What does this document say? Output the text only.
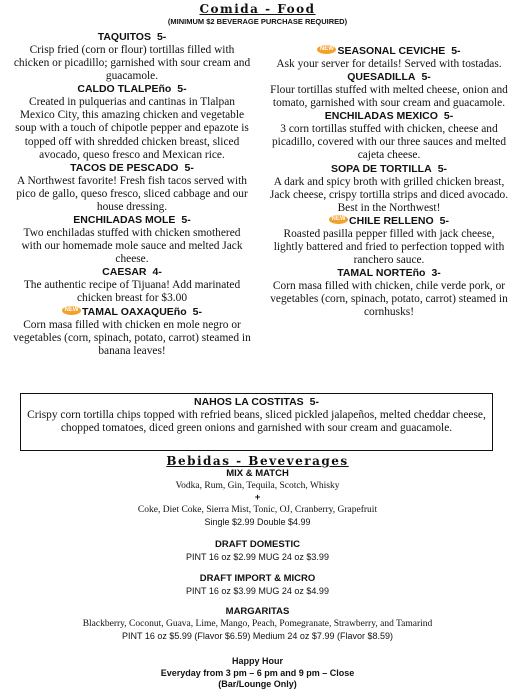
Comida - Food
(MINIMUM $2 BEVERAGE PURCHASE REQUIRED)
TAQUITOS 5-
Crisp fried (corn or flour) tortillas filled with chicken or picadillo; garnished with sour cream and guacamole.
CALDO TLALPEño 5-
Created in pulquerias and cantinas in Tlalpan Mexico City, this amazing chicken and vegetable soup with a touch of chipotle pepper and epazote is topped off with shredded chicken breast, sliced avocado, queso fresco and Mexican rice.
TACOS DE PESCADO 5-
A Northwest favorite! Fresh fish tacos served with pico de gallo, queso fresco, sliced cabbage and our house dressing.
ENCHILADAS MOLE 5-
Two enchiladas stuffed with chicken smothered with our homemade mole sauce and melted Jack cheese.
CAESAR 4-
The authentic recipe of Tijuana! Add marinated chicken breast for $3.00
NEW TAMAL OAXAQUEño 5-
Corn masa filled with chicken en mole negro or vegetables (corn, spinach, potato, carrot) steamed in banana leaves!
NEW SEASONAL CEVICHE 5-
Ask your server for details! Served with tostadas.
QUESADILLA 5-
Flour tortillas stuffed with melted cheese, onion and tomato, garnished with sour cream and guacamole.
ENCHILADAS MEXICO 5-
3 corn tortillas stuffed with chicken, cheese and picadillo, covered with our three sauces and melted cajeta cheese.
SOPA DE TORTILLA 5-
A dark and spicy broth with grilled chicken breast, Jack cheese, crispy tortilla strips and diced avocado. Best in the Northwest!
NEW CHILE RELLENO 5-
Roasted pasilla pepper filled with jack cheese, lightly battered and fried to perfection topped with ranchero sauce.
TAMAL NORTEño 3-
Corn masa filled with chicken, chile verde pork, or vegetables (corn, spinach, potato, carrot) steamed in cornhusks!
NAHOS LA COSTITAS 5-
Crispy corn tortilla chips topped with refried beans, sliced pickled jalapeños, melted cheddar cheese, chopped tomatoes, diced green onions and garnished with sour cream and guacamole.
Bebidas - Beveverages
MIX & MATCH
Vodka, Rum, Gin, Tequila, Scotch, Whisky
+
Coke, Diet Coke, Sierra Mist, Tonic, OJ, Cranberry, Grapefruit
Single $2.99 Double $4.99
DRAFT DOMESTIC
PINT 16 oz $2.99 MUG 24 oz $3.99
DRAFT IMPORT & MICRO
PINT 16 oz $3.99 MUG 24 oz $4.99
MARGARITAS
Blackberry, Coconut, Guava, Lime, Mango, Peach, Pomegranate, Strawberry, and Tamarind
PINT 16 oz $5.99 (Flavor $6.59) Medium 24 oz $7.99 (Flavor $8.59)
Happy Hour
Everyday from 3 pm – 6 pm and 9 pm – Close
(Bar/Lounge Only)
